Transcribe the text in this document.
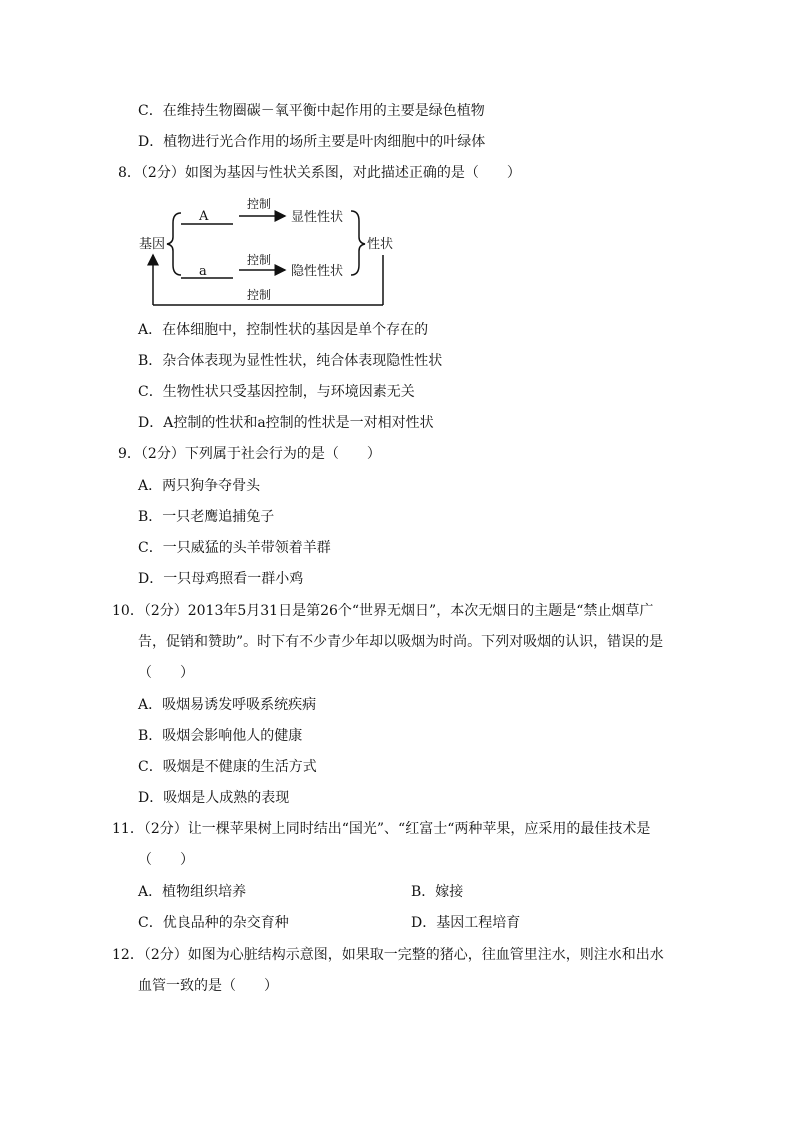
C．在维持生物圈碳－氧平衡中起作用的主要是绿色植物
D．植物进行光合作用的场所主要是叶肉细胞中的叶绿体
8．（2分）如图为基因与性状关系图，对此描述正确的是（　　）
基因
A
a
控制
控制
显性性状
隐性性状
性状
控制
A．在体细胞中，控制性状的基因是单个存在的
B．杂合体表现为显性性状，纯合体表现隐性性状
C．生物性状只受基因控制，与环境因素无关
D．A控制的性状和a控制的性状是一对相对性状
9．（2分）下列属于社会行为的是（　　）
A．两只狗争夺骨头
B．一只老鹰追捕兔子
C．一只威猛的头羊带领着羊群
D．一只母鸡照看一群小鸡
10．（2分）2013年5月31日是第26个“世界无烟日”，本次无烟日的主题是“禁止烟草广
告，促销和赞助”。时下有不少青少年却以吸烟为时尚。下列对吸烟的认识，错误的是
（　　）
A．吸烟易诱发呼吸系统疾病
B．吸烟会影响他人的健康
C．吸烟是不健康的生活方式
D．吸烟是人成熟的表现
11．（2分）让一棵苹果树上同时结出“国光”、“红富士“两种苹果，应采用的最佳技术是
（　　）
A．植物组织培养	B．嫁接
C．优良品种的杂交育种	D．基因工程培育
12．（2分）如图为心脏结构示意图，如果取一完整的猪心，往血管里注水，则注水和出水
血管一致的是（　　）
